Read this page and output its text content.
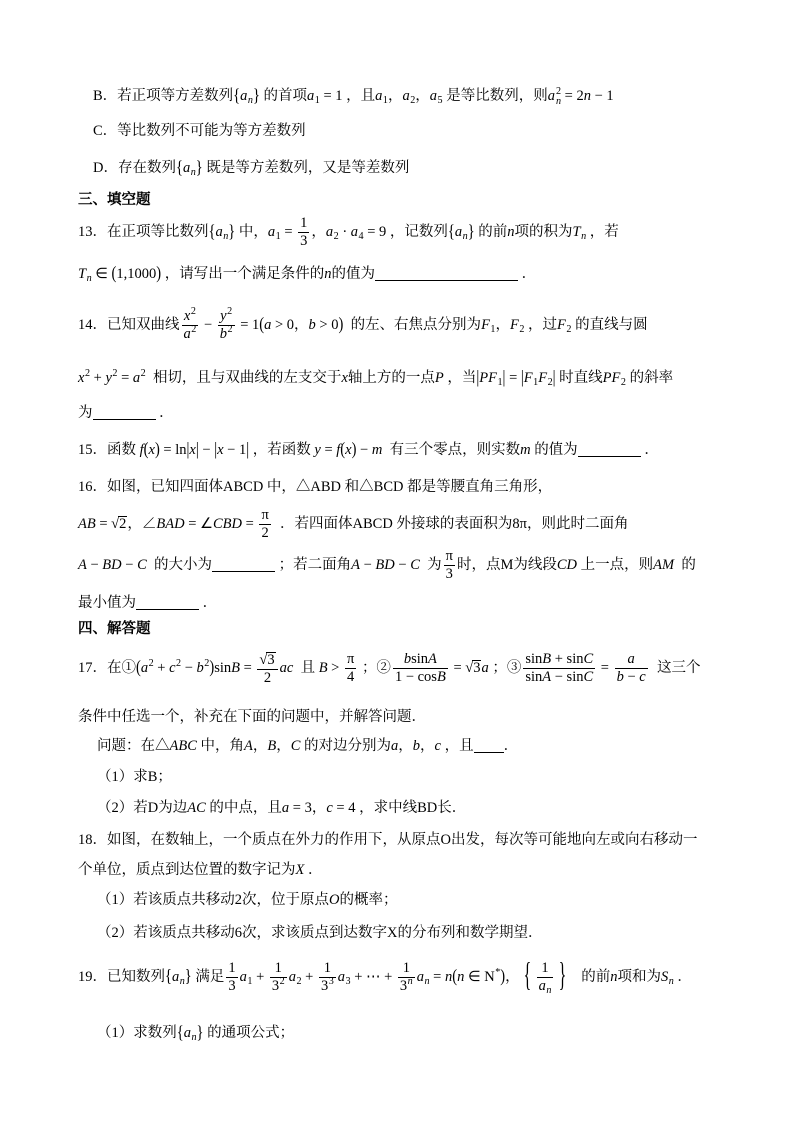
B．若正项等方差数列$\{a_n\}$ 的首项$a_1 = 1$ ，且$a_1$，$a_2$，$a_5$ 是等比数列，则a 2
n = 2n − 1
C．等比数列不可能为等方差数列
D．存在数列$\{a_n\}$ 既是等方差数列，又是等差数列
三、填空题
13．在正项等比数列$\{a_n\}$ 中，$a_1 = \frac{1}{3}$ ，$a_2 \cdot a_4 = 9$ ，记数列$\{a_n\}$ 的前n项的积为$T_n$ ，若
$T_n$ ∈ (1,1000) ，请写出一个满足条件的n的值为	．
14．已知双曲线 $\frac{x^2}{a^2} - \frac{y^2}{b^2} = 1(a > 0$，b > 0)  的左、右焦点分别为$F_1$，$F_2$ ，过$F_2$ 的直线与圆
$x^2 + y^2 = a^2$  相切，且与双曲线的左支交于x轴上方的一点P ，当$|PF_1| = |F_1F_2|$ 时直线$PF_2$ 的斜率
为	．
15．函数 f(x) = ln|x| − |x − 1| ，若函数 y = f(x) − m  有三个零点，则实数m 的值为	．
16．如图，已知四面体ABCD 中，△ABD 和△BCD 都是等腰直角三角形，
AB = √2，∠BAD = ∠CBD = $\frac{\pi}{2}$ ．若四面体ABCD 外接球的表面积为8π，则此时二面角
A − BD − C  的大小为	；若二面角A − BD − C  为 $\frac{\pi}{3}$ 时，点M为线段CD 上一点，则AM  的
最小值为	．
四、解答题
17．在$①(a^2 + c^2 - b^2)\sin B = \frac{√3}{2}$ ac  且 $B > \frac{\pi}{4}$ ；② $\frac{bsinA}{1 - \cos B} = √3a$ ；③ $\frac{\sin B + \sin C}{\sin A - \sin C} = \frac{a}{b - c}$ 这三个
条件中任选一个，补充在下面的问题中，并解答问题．
问题：在△ABC 中，角A，B，C 的对边分别为a，b，c ，且 ．
（1）求B；
（2）若D为边AC 的中点，且a = 3，c = 4 ，求中线BD长．
18．如图，在数轴上，一个质点在外力的作用下，从原点O出发，每次等可能地向左或向右移动一
个单位，质点到达位置的数字记为X ．
（1）若该质点共移动2次，位于原点O的概率；
（2）若该质点共移动6次，求该质点到达数字X的分布列和数学期望．
19．已知数列$\{a_n\}$ 满足 $\frac{1}{3} a_1 + \frac{1}{3^2} a_2 + \frac{1}{3^3} a_3$ + ⋯ + $\frac{1}{3^n} a_n = n(n$ ∈ N*)， { $\frac{1}{a_n}$ }   的前n项和为$S_n$ ．
（1）求数列$\{a_n\}$ 的通项公式；
